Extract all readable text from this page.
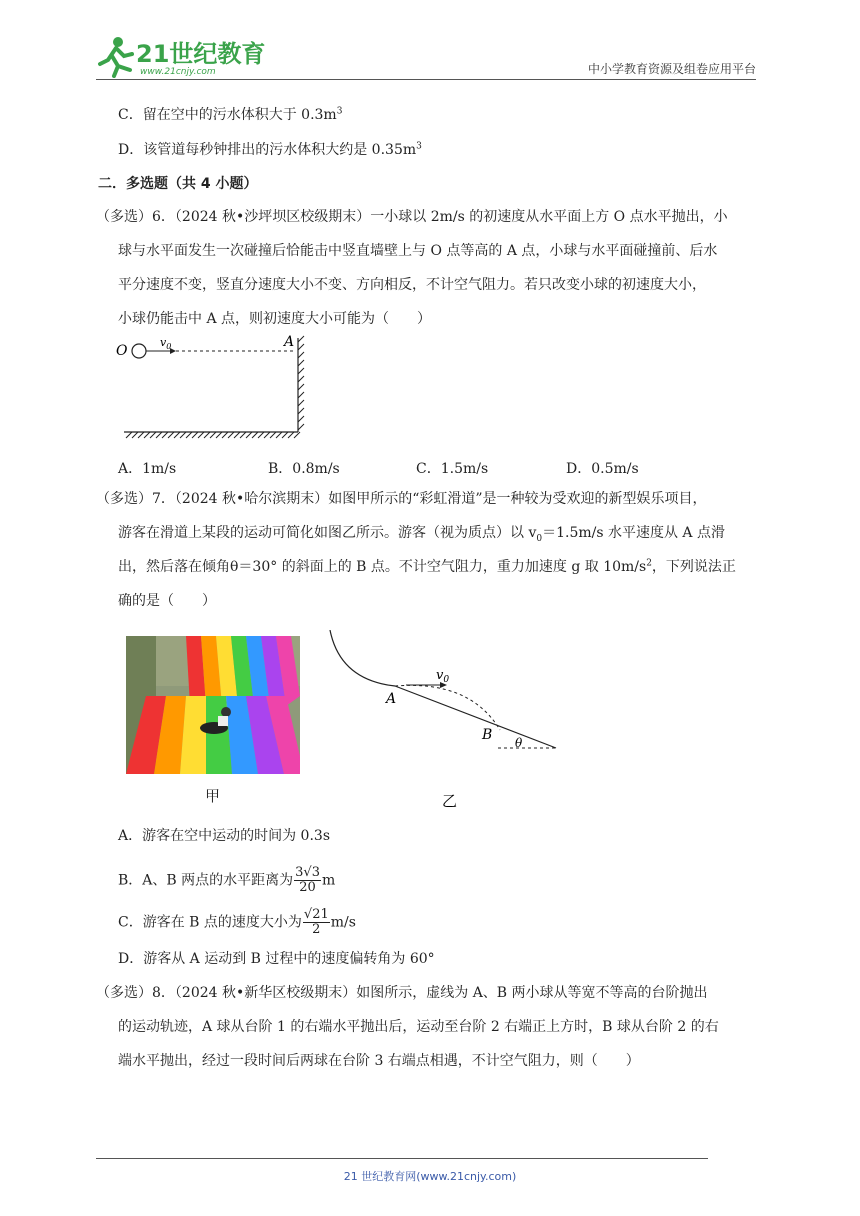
21世纪教育
www.21cnjy.com	中小学教育资源及组卷应用平台
C．留在空中的污水体积大于 $0.3m^3$
D．该管道每秒钟排出的污水体积大约是 $0.35m^3$
二．多选题（共 4 小题）
（多选）6．（2024 秋•沙坪坝区校级期末）一小球以 2m/s 的初速度从水平面上方 O 点水平抛出，小
球与水平面发生一次碰撞后恰能击中竖直墙壁上与 O 点等高的 A 点，小球与水平面碰撞前、后水
平分速度不变，竖直分速度大小不变、方向相反，不计空气阻力。若只改变小球的初速度大小，
小球仍能击中 A 点，则初速度大小可能为（　　）
O
$v_0$	A
A．1m/s	B．0.8m/s	C．1.5m/s	D．0.5m/s
（多选）7．（2024 秋•哈尔滨期末）如图甲所示的“彩虹滑道”是一种较为受欢迎的新型娱乐项目，
游客在滑道上某段的运动可简化如图乙所示。游客（视为质点）以 $v_0=1.5m/s$ 水平速度从 A 点滑
出，然后落在倾角θ＝30° 的斜面上的 B 点。不计空气阻力，重力加速度 g 取 $10m/s^2$，下列说法正
确的是（　　）
甲
$v_0$
A
B θ
乙
A．游客在空中运动的时间为 0.3s
B．A、B 两点的水平距离为 $\frac{3√3}{20}$ m
C．游客在 B 点的速度大小为 $\frac{√21}{2} m/s$
D．游客从 A 运动到 B 过程中的速度偏转角为 60°
（多选）8．（2024 秋•新华区校级期末）如图所示，虚线为 A、B 两小球从等宽不等高的台阶抛出
的运动轨迹，A 球从台阶 1 的右端水平抛出后，运动至台阶 2 右端正上方时，B 球从台阶 2 的右
端水平抛出，经过一段时间后两球在台阶 3 右端点相遇，不计空气阻力，则（　　）
21 世纪教育网(www.21cnjy.com)
